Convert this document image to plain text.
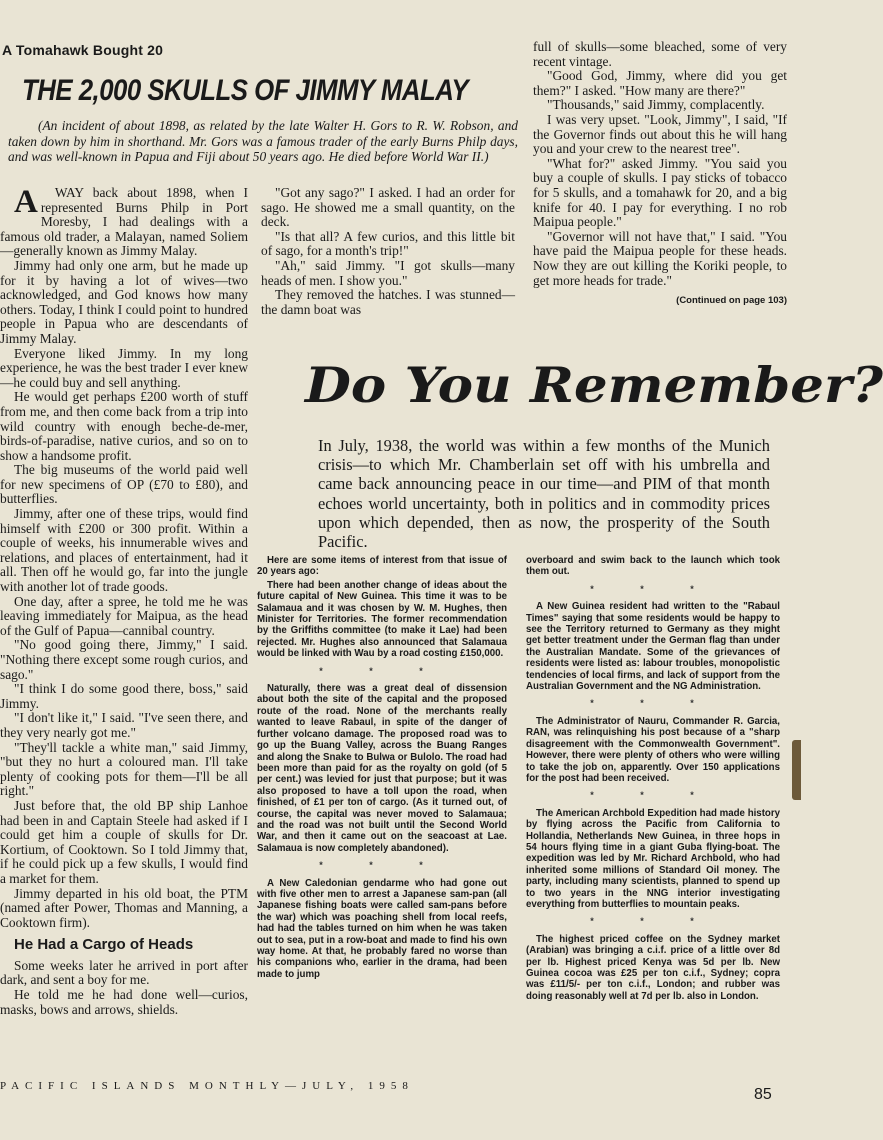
A Tomahawk Bought 20
THE 2,000 SKULLS OF JIMMY MALAY

(An incident of about 1898, as related by the late Walter H. Gors to R. W. Robson, and taken down by him in shorthand. Mr. Gors was a famous trader of the early Burns Philp days, and was well-known in Papua and Fiji about 50 years ago. He died before World War II.)

A WAY back about 1898, when I represented Burns Philp in Port Moresby, I had dealings with a famous old trader, a Malayan, named Soliem—generally known as Jimmy Malay.

Jimmy had only one arm, but he made up for it by having a lot of wives—two acknowledged, and God knows how many others. Today, I think I could point to hundred people in Papua who are descendants of Jimmy Malay.

Everyone liked Jimmy. In my long experience, he was the best trader I ever knew—he could buy and sell anything.

He would get perhaps £200 worth of stuff from me, and then come back from a trip into wild country with enough beche-de-mer, birds-of-paradise, native curios, and so on to show a handsome profit.

The big museums of the world paid well for new specimens of OP (£70 to £80), and butterflies.

Jimmy, after one of these trips, would find himself with £200 or 300 profit. Within a couple of weeks, his innumerable wives and relations, and places of entertainment, had it all. Then off he would go, far into the jungle with another lot of trade goods.

One day, after a spree, he told me he was leaving immediately for Maipua, as the head of the Gulf of Papua—cannibal country.

"No good going there, Jimmy," I said. "Nothing there except some rough curios, and sago."

"I think I do some good there, boss," said Jimmy.

"I don't like it," I said. "I've seen there, and they very nearly got me."

"They'll tackle a white man," said Jimmy, "but they no hurt a coloured man. I'll take plenty of cooking pots for them—I'll be all right."

Just before that, the old BP ship Lanhoe had been in and Captain Steele had asked if I could get him a couple of skulls for Dr. Kortium, of Cooktown. So I told Jimmy that, if he could pick up a few skulls, I would find a market for them.

Jimmy departed in his old boat, the PTM (named after Power, Thomas and Manning, a Cooktown firm).

He Had a Cargo of Heads

Some weeks later he arrived in port after dark, and sent a boy for me.

He told me he had done well—curios, masks, bows and arrows, shields.

"Got any sago?" I asked. I had an order for sago. He showed me a small quantity, on the deck.

"Is that all? A few curios, and this little bit of sago, for a month's trip!"

"Ah," said Jimmy. "I got skulls—many heads of men. I show you."

They removed the hatches. I was stunned—the damn boat was

full of skulls—some bleached, some of very recent vintage.

"Good God, Jimmy, where did you get them?" I asked. "How many are there?"

"Thousands," said Jimmy, complacently.

I was very upset. "Look, Jimmy", I said, "If the Governor finds out about this he will hang you and your crew to the nearest tree".

"What for?" asked Jimmy. "You said you buy a couple of skulls. I pay sticks of tobacco for 5 skulls, and a tomahawk for 20, and a big knife for 40. I pay for everything. I no rob Maipua people."

"Governor will not have that," I said. "You have paid the Maipua people for these heads. Now they are out killing the Koriki people, to get more heads for trade."

(Continued on page 103)
Do You Remember?

In July, 1938, the world was within a few months of the Munich crisis—to which Mr. Chamberlain set off with his umbrella and came back announcing peace in our time—and PIM of that month echoes world uncertainty, both in politics and in commodity prices upon which depended, then as now, the prosperity of the South Pacific.

Here are some items of interest from that issue of 20 years ago:

There had been another change of ideas about the future capital of New Guinea. This time it was to be Salamaua and it was chosen by W. M. Hughes, then Minister for Territories. The former recommendation by the Griffiths committee (to make it Lae) had been rejected. Mr. Hughes also announced that Salamaua would be linked with Wau by a road costing £150,000.

* * *

Naturally, there was a great deal of dissension about both the site of the capital and the proposed route of the road. None of the merchants really wanted to leave Rabaul, in spite of the danger of further volcano damage. The proposed road was to go up the Buang Valley, across the Buang Ranges and along the Snake to Bulwa or Bulolo. The road had been more than paid for as the royalty on gold (of 5 per cent.) was levied for just that purpose; but it was also proposed to have a toll upon the road, when finished, of £1 per ton of cargo. (As it turned out, of course, the capital was never moved to Salamaua; and the road was not built until the Second World War, and then it came out on the seacoast at Lae. Salamaua is now completely abandoned).

* * *

A New Caledonian gendarme who had gone out with five other men to arrest a Japanese sam-pan (all Japanese fishing boats were called sam-pans before the war) which was poaching shell from local reefs, had had the tables turned on him when he was taken out to sea, put in a row-boat and made to find his own way home. At that, he probably fared no worse than his companions who, earlier in the drama, had been made to jump

overboard and swim back to the launch which took them out.

* * *

A New Guinea resident had written to the "Rabaul Times" saying that some residents would be happy to see the Territory returned to Germany as they might get better treatment under the German flag than under the Australian Mandate. Some of the grievances of residents were listed as: labour troubles, monopolistic tendencies of local firms, and lack of support from the Australian Government and the NG Administration.

* * *

The Administrator of Nauru, Commander R. Garcia, RAN, was relinquishing his post because of a "sharp disagreement with the Commonwealth Government". However, there were plenty of others who were willing to take the job on, apparently. Over 150 applications for the post had been received.

* * *

The American Archbold Expedition had made history by flying across the Pacific from California to Hollandia, Netherlands New Guinea, in three hops in 54 hours flying time in a giant Guba flying-boat. The expedition was led by Mr. Richard Archbold, who had inherited some millions of Standard Oil money. The party, including many scientists, planned to spend up to two years in the NNG interior investigating everything from butterflies to mountain peaks.

* * *

The highest priced coffee on the Sydney market (Arabian) was bringing a c.i.f. price of a little over 8d per lb. Highest priced Kenya was 5d per lb. New Guinea cocoa was £25 per ton c.i.f., Sydney; copra was £11/5/- per ton c.i.f., London; and rubber was doing reasonably well at 7d per lb. also in London.

PACIFIC ISLANDS MONTHLY—JULY, 1958	85
